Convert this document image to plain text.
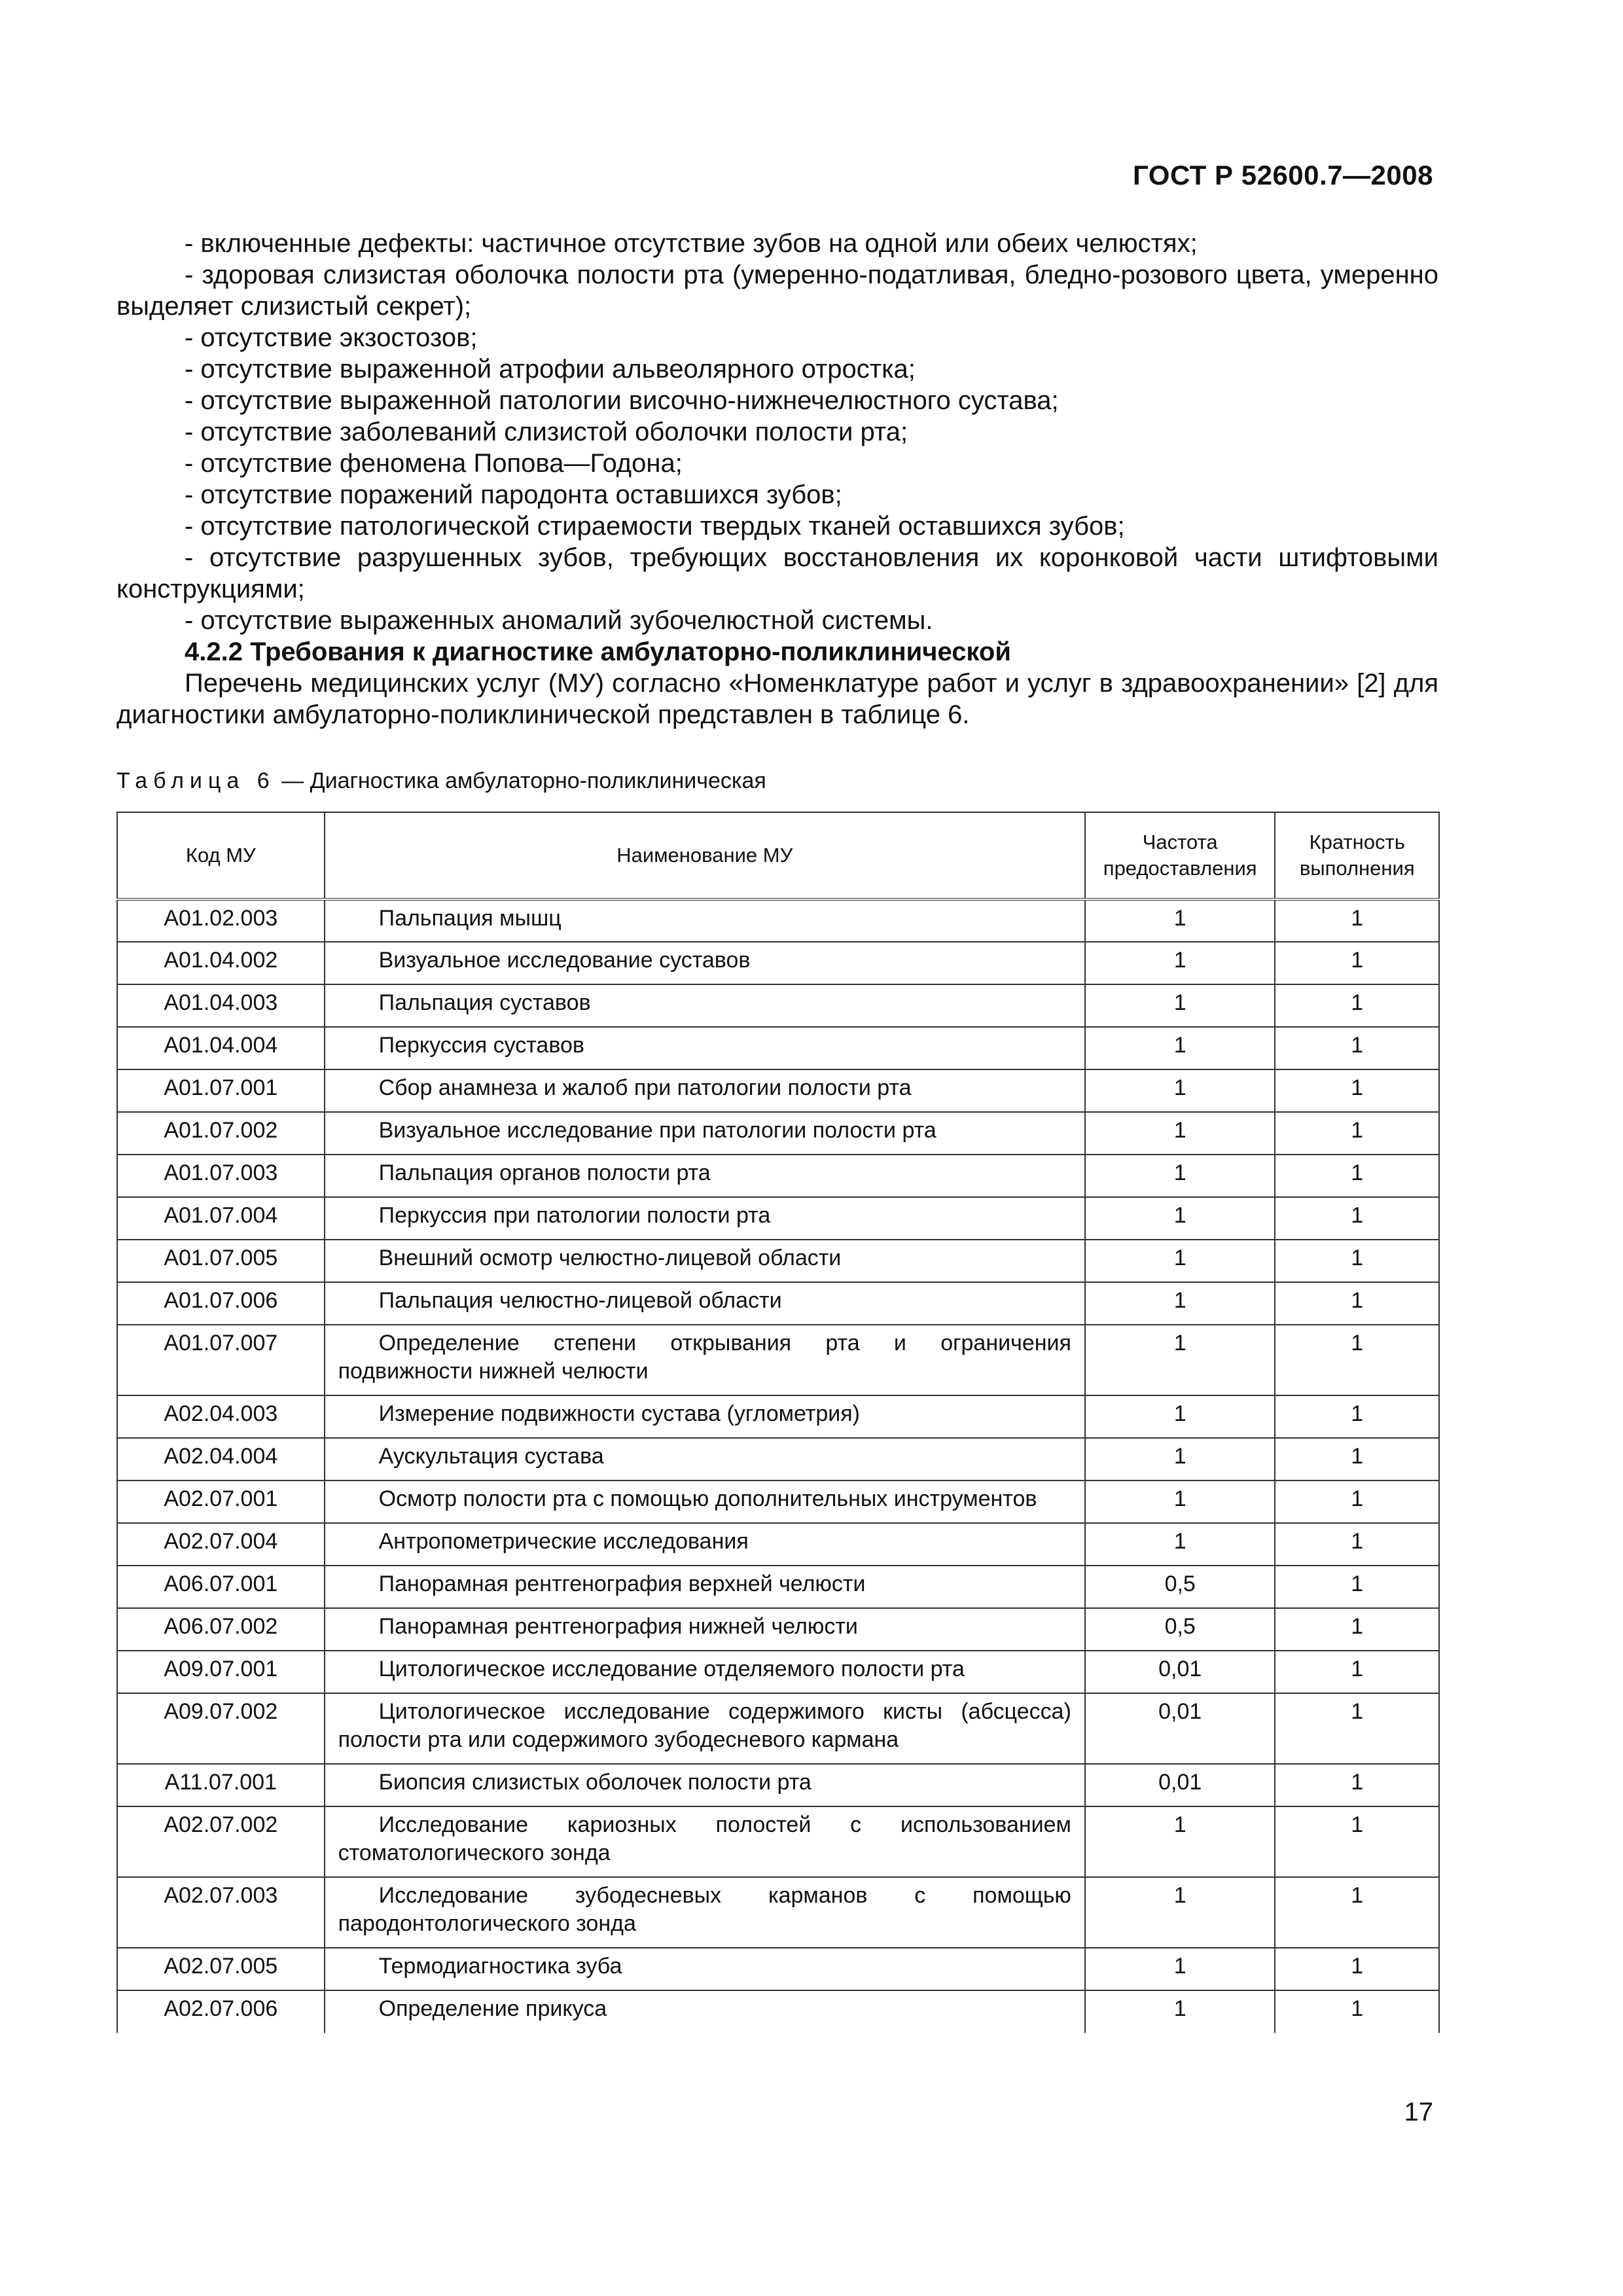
ГОСТ Р 52600.7—2008

- включенные дефекты: частичное отсутствие зубов на одной или обеих челюстях;

- здоровая слизистая оболочка полости рта (умеренно-податливая, бледно-розового цвета, умеренно выделяет слизистый секрет);

- отсутствие экзостозов;

- отсутствие выраженной атрофии альвеолярного отростка;

- отсутствие выраженной патологии височно-нижнечелюстного сустава;

- отсутствие заболеваний слизистой оболочки полости рта;

- отсутствие феномена Попова—Годона;

- отсутствие поражений пародонта оставшихся зубов;

- отсутствие патологической стираемости твердых тканей оставшихся зубов;

- отсутствие разрушенных зубов, требующих восстановления их коронковой части штифтовыми конструкциями;

- отсутствие выраженных аномалий зубочелюстной системы.

4.2.2 Требования к диагностике амбулаторно-поликлинической

Перечень медицинских услуг (МУ) согласно «Номенклатуре работ и услуг в здравоохранении» [2] для диагностики амбулаторно-поликлинической представлен в таблице 6.

Таблица 6 — Диагностика амбулаторно-поликлиническая
Код МУ	Наименование МУ	Частота предоставления	Кратность выполнения
А01.02.003	Пальпация мышц	1	1
А01.04.002	Визуальное исследование суставов	1	1
А01.04.003	Пальпация суставов	1	1
А01.04.004	Перкуссия суставов	1	1
А01.07.001	Сбор анамнеза и жалоб при патологии полости рта	1	1
А01.07.002	Визуальное исследование при патологии полости рта	1	1
А01.07.003	Пальпация органов полости рта	1	1
А01.07.004	Перкуссия при патологии полости рта	1	1
А01.07.005	Внешний осмотр челюстно-лицевой области	1	1
А01.07.006	Пальпация челюстно-лицевой области	1	1
А01.07.007	Определение степени открывания рта и ограничения подвижности нижней челюсти	1	1
А02.04.003	Измерение подвижности сустава (углометрия)	1	1
А02.04.004	Аускультация сустава	1	1
А02.07.001	Осмотр полости рта с помощью дополнительных инструментов	1	1
А02.07.004	Антропометрические исследования	1	1
А06.07.001	Панорамная рентгенография верхней челюсти	0,5	1
А06.07.002	Панорамная рентгенография нижней челюсти	0,5	1
А09.07.001	Цитологическое исследование отделяемого полости рта	0,01	1
А09.07.002	Цитологическое исследование содержимого кисты (абсцесса) полости рта или содержимого зубодесневого кармана	0,01	1
А11.07.001	Биопсия слизистых оболочек полости рта	0,01	1
А02.07.002	Исследование кариозных полостей с использованием стоматологического зонда	1	1
А02.07.003	Исследование зубодесневых карманов с помощью пародонтологического зонда	1	1
А02.07.005	Термодиагностика зуба	1	1
А02.07.006	Определение прикуса	1	1
17
